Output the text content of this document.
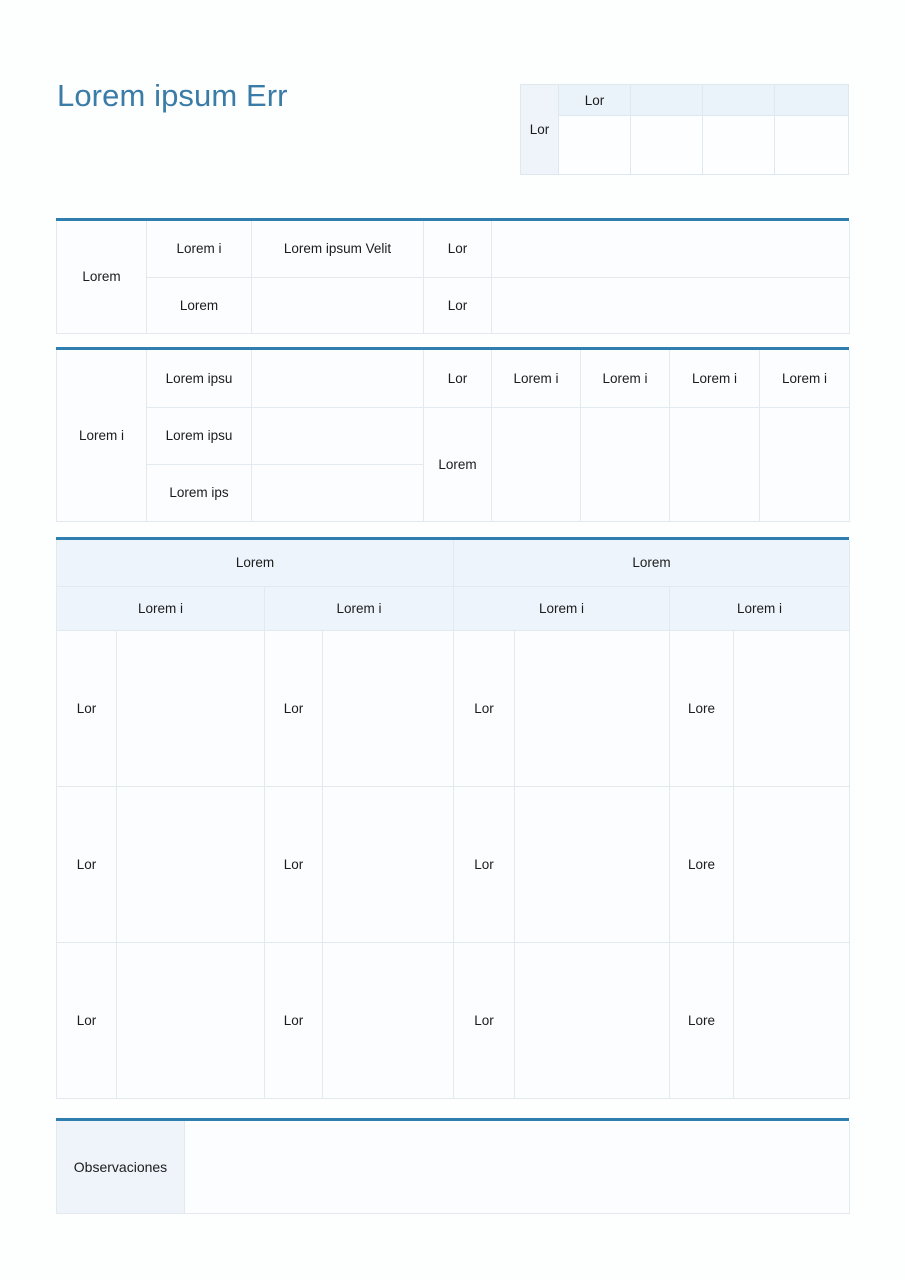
Lorem ipsum Err
Lor	Lor			

Lorem	Lorem i	Lorem ipsum Velit	Lor	
	Lorem		Lor	
Lorem i	Lorem ipsu		Lor	Lorem i	Lorem i	Lorem i	Lorem i
	Lorem ipsu		Lorem				
	Lorem ips						
Lorem				Lorem			
Lorem i		Lorem i		Lorem i		Lorem i	
Lor		Lor		Lor		Lore	
Lor		Lor		Lor		Lore	
Lor		Lor		Lor		Lore	
Observaciones	
